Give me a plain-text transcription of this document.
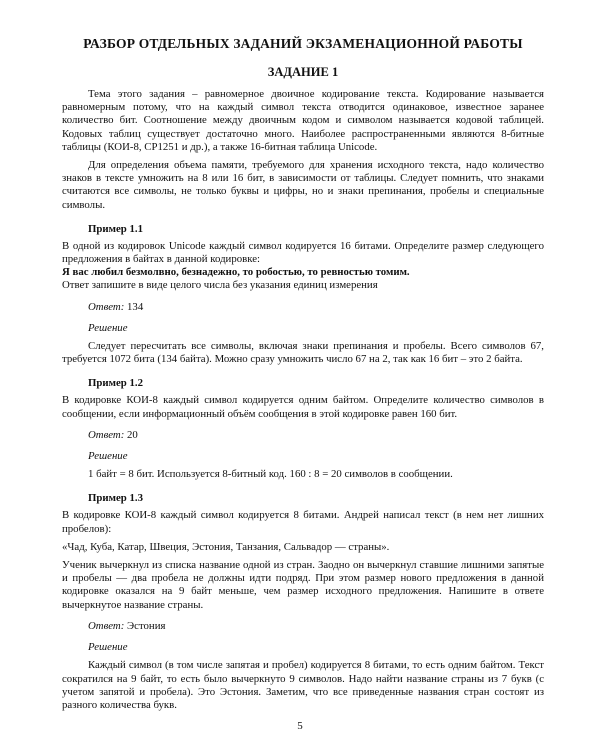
РАЗБОР ОТДЕЛЬНЫХ ЗАДАНИЙ ЭКЗАМЕНАЦИОННОЙ РАБОТЫ
ЗАДАНИЕ 1

Тема этого задания – равномерное двоичное кодирование текста. Кодирование называется равномерным потому, что на каждый символ текста отводится одинаковое, известное заранее количество бит. Соотношение между двоичным кодом и символом называется кодовой таблицей. Кодовых таблиц существует достаточно много. Наиболее распространенными являются 8-битные таблицы (КОИ-8, CP1251 и др.), а также 16-битная таблица Unicode.

Для определения объема памяти, требуемого для хранения исходного текста, надо количество знаков в тексте умножить на 8 или 16 бит, в зависимости от таблицы. Следует помнить, что знаками считаются все символы, не только буквы и цифры, но и знаки препинания, пробелы и специальные символы.

Пример 1.1

В одной из кодировок Unicode каждый символ кодируется 16 битами. Определите размер следующего предложения в байтах в данной кодировке:

Я вас любил безмолвно, безнадежно, то робостью, то ревностью томим.

Ответ запишите в виде целого числа без указания единиц измерения

Ответ: 134

Решение

Следует пересчитать все символы, включая знаки препинания и пробелы. Всего символов 67, требуется 1072 бита (134 байта). Можно сразу умножить число 67 на 2, так как 16 бит – это 2 байта.

Пример 1.2

В кодировке КОИ-8 каждый символ кодируется одним байтом. Определите количество символов в сообщении, если информационный объём сообщения в этой кодировке равен 160 бит.

Ответ: 20

Решение

1 байт = 8 бит. Используется 8-битный код. 160 : 8 = 20 символов в сообщении.

Пример 1.3

В кодировке КОИ-8 каждый символ кодируется 8 битами. Андрей написал текст (в нем нет лишних пробелов):

«Чад, Куба, Катар, Швеция, Эстония, Танзания, Сальвадор — страны».

Ученик вычеркнул из списка название одной из стран. Заодно он вычеркнул ставшие лишними запятые и пробелы — два пробела не должны идти подряд. При этом размер нового предложения в данной кодировке оказался на 9 байт меньше, чем размер исходного предложения. Напишите в ответе вычеркнутое название страны.

Ответ: Эстония

Решение

Каждый символ (в том числе запятая и пробел) кодируется 8 битами, то есть одним байтом. Текст сократился на 9 байт, то есть было вычеркнуто 9 символов. Надо найти название страны из 7 букв (с учетом запятой и пробела). Это Эстония. Заметим, что все приведенные названия стран состоят из разного количества букв.

5
